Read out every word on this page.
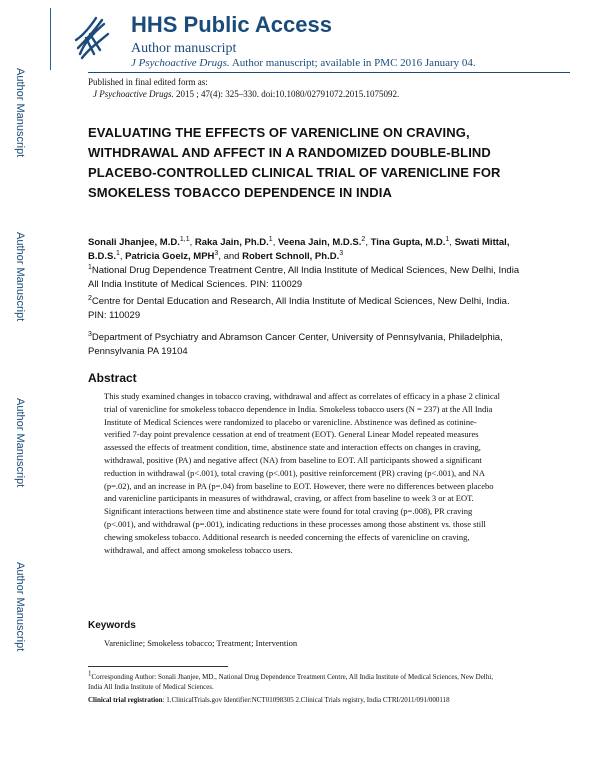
Author Manuscript
Author Manuscript
Author Manuscript
Author Manuscript
HHS Public Access
Author manuscript
J Psychoactive Drugs. Author manuscript; available in PMC 2016 January 04.
Published in final edited form as:
J Psychoactive Drugs. 2015 ; 47(4): 325–330. doi:10.1080/02791072.2015.1075092.
EVALUATING THE EFFECTS OF VARENICLINE ON CRAVING, WITHDRAWAL AND AFFECT IN A RANDOMIZED DOUBLE-BLIND PLACEBO-CONTROLLED CLINICAL TRIAL OF VARENICLINE FOR SMOKELESS TOBACCO DEPENDENCE IN INDIA
Sonali Jhanjee, M.D.$^{1,1}$, Raka Jain, Ph.D.$^1$, Veena Jain, M.D.S.$^2$, Tina Gupta, M.D.$^1$, Swati Mittal, B.D.S.$^1$, Patricia Goelz, MPH$^3$, and Robert Schnoll, Ph.D.$^3$
$^1$National Drug Dependence Treatment Centre, All India Institute of Medical Sciences, New Delhi, India All India Institute of Medical Sciences. PIN: 110029
$^2$Centre for Dental Education and Research, All India Institute of Medical Sciences, New Delhi, India. PIN: 110029
$^3$Department of Psychiatry and Abramson Cancer Center, University of Pennsylvania, Philadelphia, Pennsylvania PA 19104
Abstract
This study examined changes in tobacco craving, withdrawal and affect as correlates of efficacy in a phase 2 clinical trial of varenicline for smokeless tobacco dependence in India. Smokeless tobacco users (N = 237) at the All India Institute of Medical Sciences were randomized to placebo or varenicline. Abstinence was defined as cotinine-verified 7-day point prevalence cessation at end of treatment (EOT). General Linear Model repeated measures assessed the effects of treatment condition, time, abstinence state and interaction effects on changes in craving, withdrawal, positive (PA) and negative affect (NA) from baseline to EOT. All participants showed a significant reduction in withdrawal (p<.001), total craving (p<.001), positive reinforcement (PR) craving (p<.001), and NA (p=.02), and an increase in PA (p=.04) from baseline to EOT. However, there were no differences between placebo and varenicline participants in measures of withdrawal, craving, or affect from baseline to week 3 or at EOT. Significant interactions between time and abstinence state were found for total craving (p=.008), PR craving (p<.001), and withdrawal (p=.001), indicating reductions in these processes among those abstinent vs. those still chewing smokeless tobacco. Additional research is needed concerning the effects of varenicline on craving, withdrawal, and affect among smokeless tobacco users.
Keywords
Varenicline; Smokeless tobacco; Treatment; Intervention
$^1$Corresponding Author: Sonali Jhanjee, MD., National Drug Dependence Treatment Centre, All India Institute of Medical Sciences, New Delhi, India All India Institute of Medical Sciences.
Clinical trial registration: 1.ClinicalTrials.gov Identifier:NCT01098305 2.Clinical Trials registry, India CTRI/2011/091/000118
